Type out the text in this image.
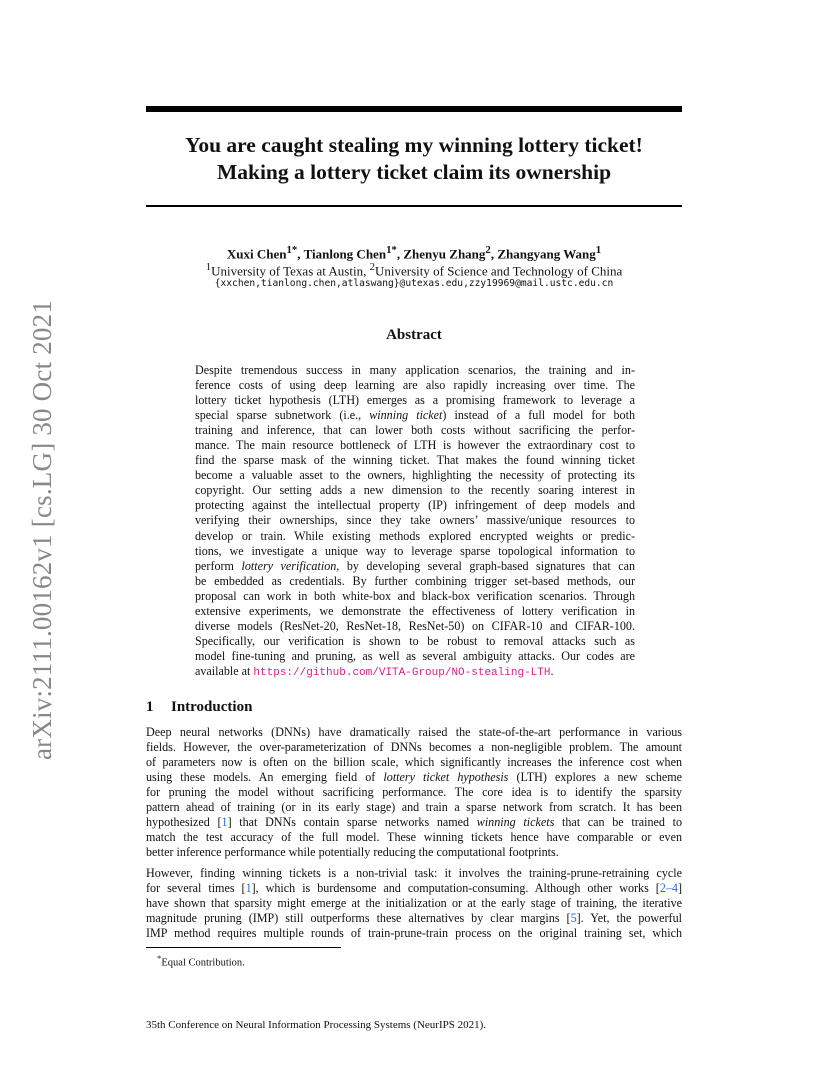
arXiv:2111.00162v1 [cs.LG] 30 Oct 2021
You are caught stealing my winning lottery ticket!
Making a lottery ticket claim its ownership
Xuxi Chen$^{1*}$, Tianlong Chen$^{1*}$, Zhenyu Zhang$^2$, Zhangyang Wang$^1$
$^1$University of Texas at Austin, $^2$University of Science and Technology of China
{xxchen,tianlong.chen,atlaswang}@utexas.edu,zzy19969@mail.ustc.edu.cn
Abstract
Despite tremendous success in many application scenarios, the training and in-
ference costs of using deep learning are also rapidly increasing over time. The
lottery ticket hypothesis (LTH) emerges as a promising framework to leverage a
special sparse subnetwork (i.e., winning ticket) instead of a full model for both
training and inference, that can lower both costs without sacrificing the perfor-
mance. The main resource bottleneck of LTH is however the extraordinary cost to
find the sparse mask of the winning ticket. That makes the found winning ticket
become a valuable asset to the owners, highlighting the necessity of protecting its
copyright. Our setting adds a new dimension to the recently soaring interest in
protecting against the intellectual property (IP) infringement of deep models and
verifying their ownerships, since they take owners’ massive/unique resources to
develop or train. While existing methods explored encrypted weights or predic-
tions, we investigate a unique way to leverage sparse topological information to
perform lottery verification, by developing several graph-based signatures that can
be embedded as credentials. By further combining trigger set-based methods, our
proposal can work in both white-box and black-box verification scenarios. Through
extensive experiments, we demonstrate the effectiveness of lottery verification in
diverse models (ResNet-20, ResNet-18, ResNet-50) on CIFAR-10 and CIFAR-100.
Specifically, our verification is shown to be robust to removal attacks such as
model fine-tuning and pruning, as well as several ambiguity attacks. Our codes are
available at https://github.com/VITA-Group/NO-stealing-LTH.
1 Introduction
Deep neural networks (DNNs) have dramatically raised the state-of-the-art performance in various
fields. However, the over-parameterization of DNNs becomes a non-negligible problem. The amount
of parameters now is often on the billion scale, which significantly increases the inference cost when
using these models. An emerging field of lottery ticket hypothesis (LTH) explores a new scheme
for pruning the model without sacrificing performance. The core idea is to identify the sparsity
pattern ahead of training (or in its early stage) and train a sparse network from scratch. It has been
hypothesized [1] that DNNs contain sparse networks named winning tickets that can be trained to
match the test accuracy of the full model. These winning tickets hence have comparable or even
better inference performance while potentially reducing the computational footprints.
However, finding winning tickets is a non-trivial task: it involves the training-prune-retraining cycle
for several times [1], which is burdensome and computation-consuming. Although other works [2–4]
have shown that sparsity might emerge at the initialization or at the early stage of training, the iterative
magnitude pruning (IMP) still outperforms these alternatives by clear margins [5]. Yet, the powerful
IMP method requires multiple rounds of train-prune-train process on the original training set, which
*Equal Contribution.
35th Conference on Neural Information Processing Systems (NeurIPS 2021).
